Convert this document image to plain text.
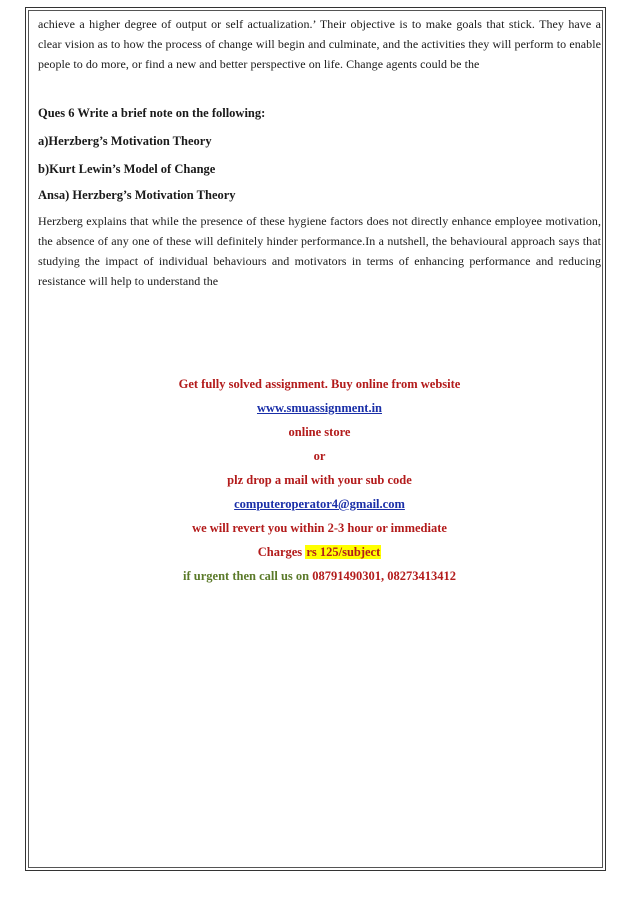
achieve a higher degree of output or self actualization.’ Their objective is to make goals that stick. They have a clear vision as to how the process of change will begin and culminate, and the activities they will perform to enable people to do more, or find a new and better perspective on life. Change agents could be the

Ques 6 Write a brief note on the following:

a)Herzberg’s Motivation Theory

b)Kurt Lewin’s Model of Change

Ansa) Herzberg’s Motivation Theory

Herzberg explains that while the presence of these hygiene factors does not directly enhance employee motivation, the absence of any one of these will definitely hinder performance.In a nutshell, the behavioural approach says that studying the impact of individual behaviours and motivators in terms of enhancing performance and reducing resistance will help to understand the

Get fully solved assignment. Buy online from website

www.smuassignment.in

online store

or

plz drop a mail with your sub code

computeroperator4@gmail.com

we will revert you within 2-3 hour or immediate

Charges rs 125/subject

if urgent then call us on 08791490301, 08273413412
